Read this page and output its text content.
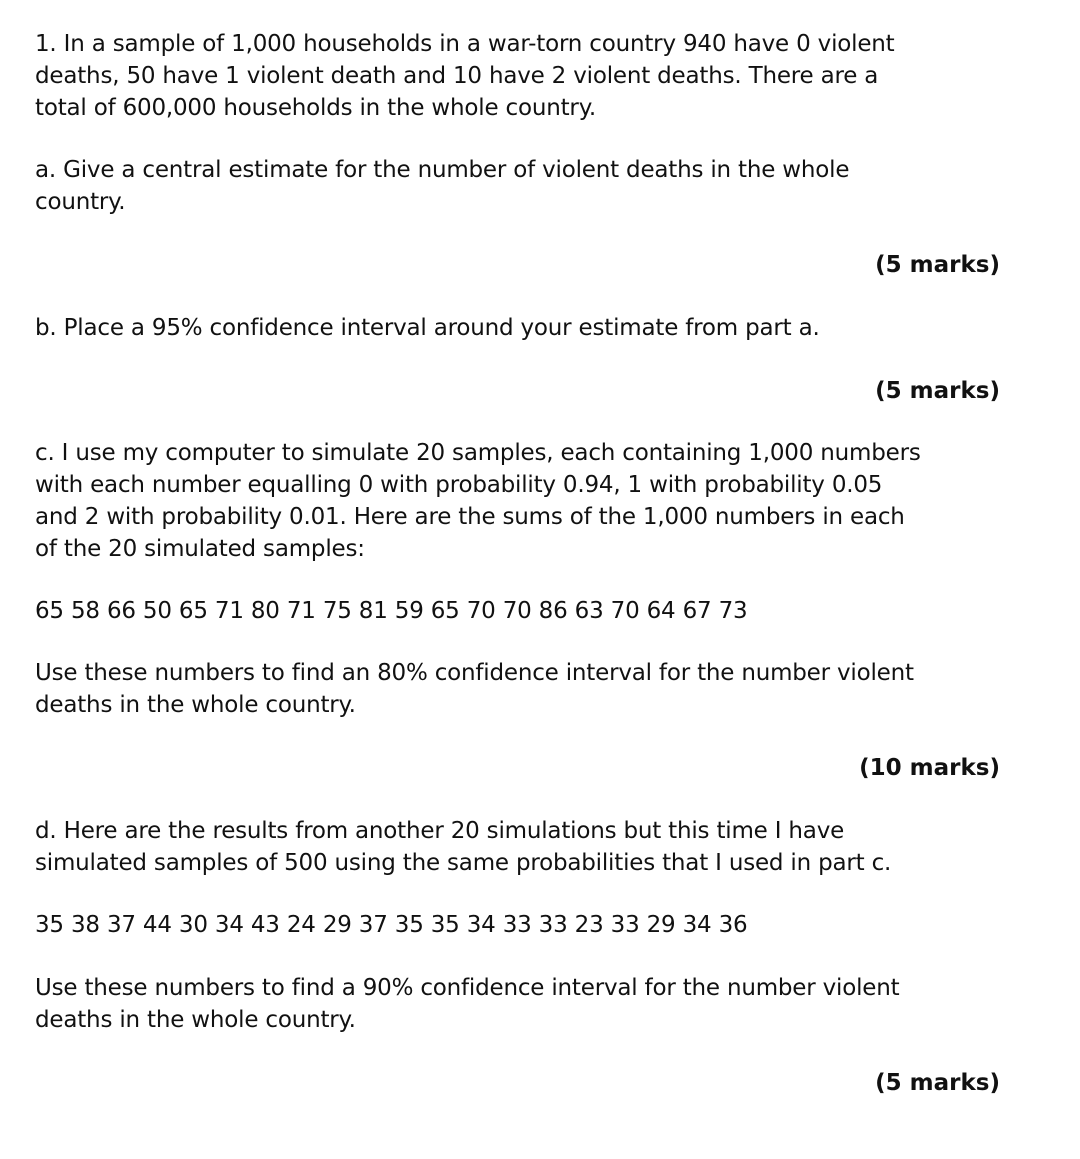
1. In a sample of 1,000 households in a war-torn country 940 have 0 violent
deaths, 50 have 1 violent death and 10 have 2 violent deaths. There are a
total of 600,000 households in the whole country.
a. Give a central estimate for the number of violent deaths in the whole
country.
(5 marks)
b. Place a 95% confidence interval around your estimate from part a.
(5 marks)
c. I use my computer to simulate 20 samples, each containing 1,000 numbers
with each number equalling 0 with probability 0.94, 1 with probability 0.05
and 2 with probability 0.01. Here are the sums of the 1,000 numbers in each
of the 20 simulated samples:
65 58 66 50 65 71 80 71 75 81 59 65 70 70 86 63 70 64 67 73
Use these numbers to find an 80% confidence interval for the number violent
deaths in the whole country.
(10 marks)
d. Here are the results from another 20 simulations but this time I have
simulated samples of 500 using the same probabilities that I used in part c.
35 38 37 44 30 34 43 24 29 37 35 35 34 33 33 23 33 29 34 36
Use these numbers to find a 90% confidence interval for the number violent
deaths in the whole country.
(5 marks)
